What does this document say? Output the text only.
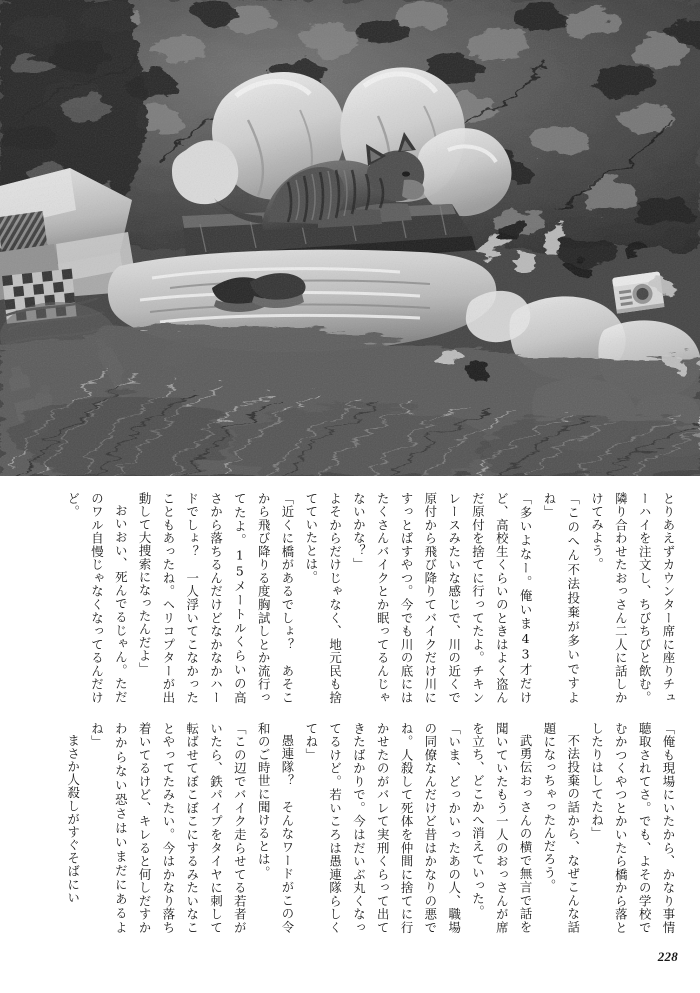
とりあえずカウンター席に座りチューハイを注文し、ちびちびと飲む。隣り合わせたおっさん二人に話しかけてみよう。

「このへん不法投棄が多いですよね」

「多いよなー。俺いま43才だけど、高校生くらいのときはよく盗んだ原付を捨てに行ってたよ。チキンレースみたいな感じで、川の近くで原付から飛び降りてバイクだけ川にすっとばすやつ。今でも川の底にはたくさんバイクとか眠ってるんじゃないかな？」

よそからだけじゃなく、地元民も捨てていたとは。

「近くに橋があるでしょ？　あそこから飛び降りる度胸試しとか流行ってたよ。15メートルくらいの高さから落ちるんだけどなかなかハードでしょ？　一人浮いてこなかったこともあったね。ヘリコプターが出動して大捜索になったんだよ」

おいおい、死んでるじゃん。ただのワル自慢じゃなくなってるんだけど。

「俺も現場にいたから、かなり事情聴取されてさ。でも、よその学校でむかつくやつとかいたら橋から落としたりはしてたね」

不法投棄の話から、なぜこんな話題になっちゃったんだろう。

武勇伝おっさんの横で無言で話を聞いていたもう一人のおっさんが席を立ち、どこかへ消えていった。

「いま、どっかいったあの人、職場の同僚なんだけど昔はかなりの悪でね。人殺して死体を仲間に捨てに行かせたのがバレて実刑くらって出てきたばかりで。今はだいぶ丸くなってるけど。若いころは愚連隊らしくてね」

愚連隊？　そんなワードがこの令和のご時世に聞けるとは。

「この辺でバイク走らせてる若者がいたら、鉄パイプをタイヤに刺して転ばせてぼこぼこにするみたいなことやってたみたい。今はかなり落ち着いてるけど、キレると何しだすかわからない恐さはいまだにあるよね」

まさか人殺しがすぐそばにい

228
